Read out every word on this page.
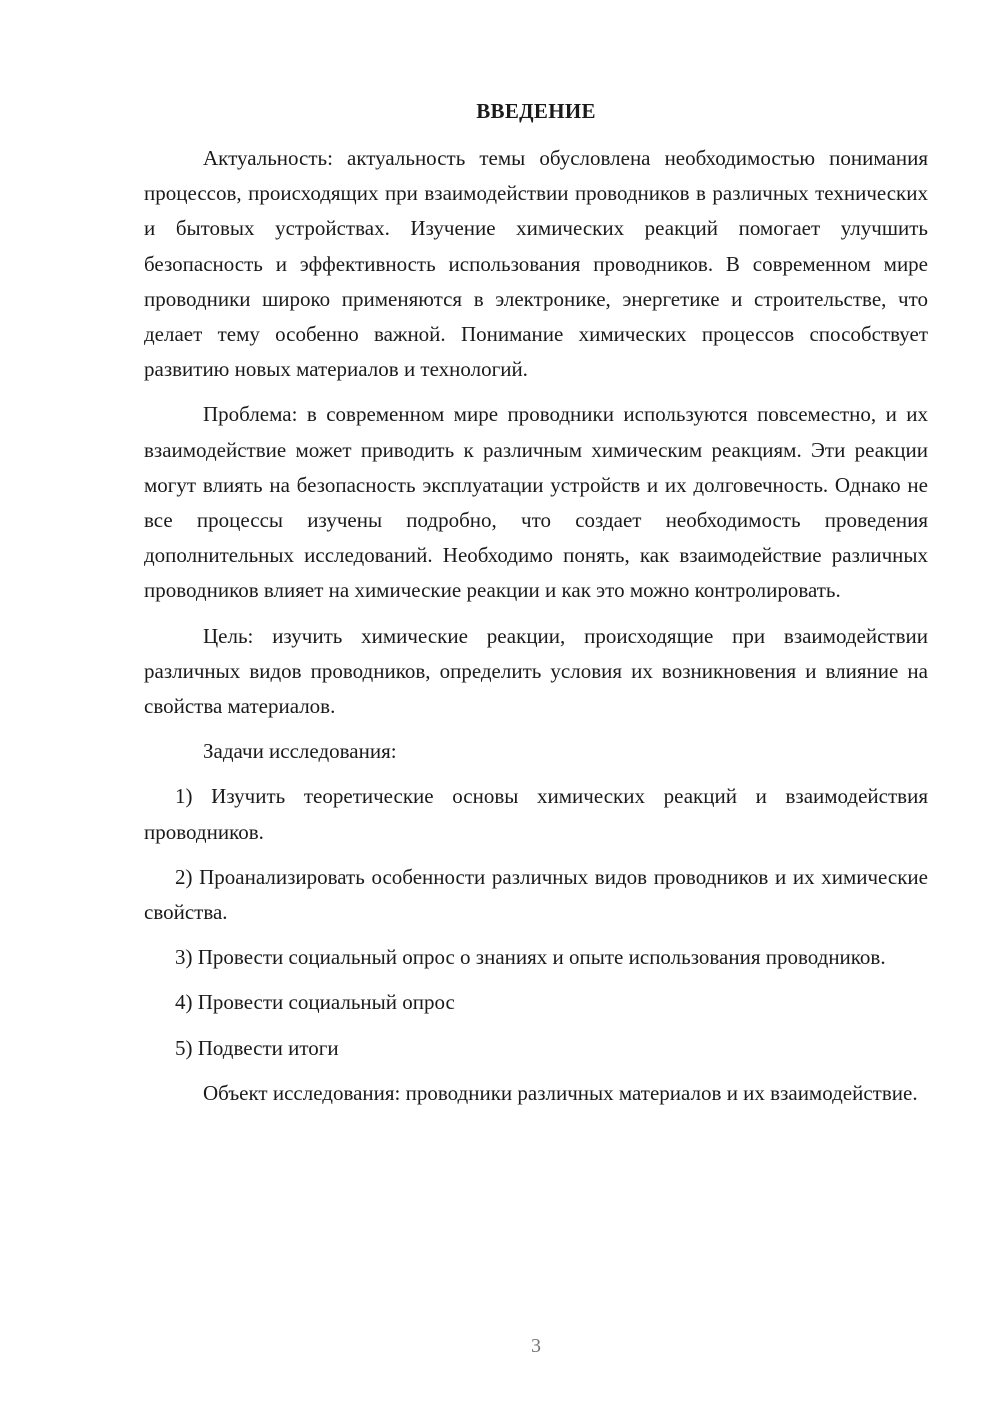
ВВЕДЕНИЕ

Актуальность: актуальность темы обусловлена необходимостью понимания процессов, происходящих при взаимодействии проводников в различных технических и бытовых устройствах. Изучение химических реакций помогает улучшить безопасность и эффективность использования проводников. В современном мире проводники широко применяются в электронике, энергетике и строительстве, что делает тему особенно важной. Понимание химических процессов способствует развитию новых материалов и технологий.

Проблема: в современном мире проводники используются повсеместно, и их взаимодействие может приводить к различным химическим реакциям. Эти реакции могут влиять на безопасность эксплуатации устройств и их долговечность. Однако не все процессы изучены подробно, что создает необходимость проведения дополнительных исследований. Необходимо понять, как взаимодействие различных проводников влияет на химические реакции и как это можно контролировать.

Цель: изучить химические реакции, происходящие при взаимодействии различных видов проводников, определить условия их возникновения и влияние на свойства материалов.

Задачи исследования:

1) Изучить теоретические основы химических реакций и взаимодействия проводников.

2) Проанализировать особенности различных видов проводников и их химические свойства.

3) Провести социальный опрос о знаниях и опыте использования проводников.

4) Провести социальный опрос

5) Подвести итоги

Объект исследования: проводники различных материалов и их взаимодействие.

3
